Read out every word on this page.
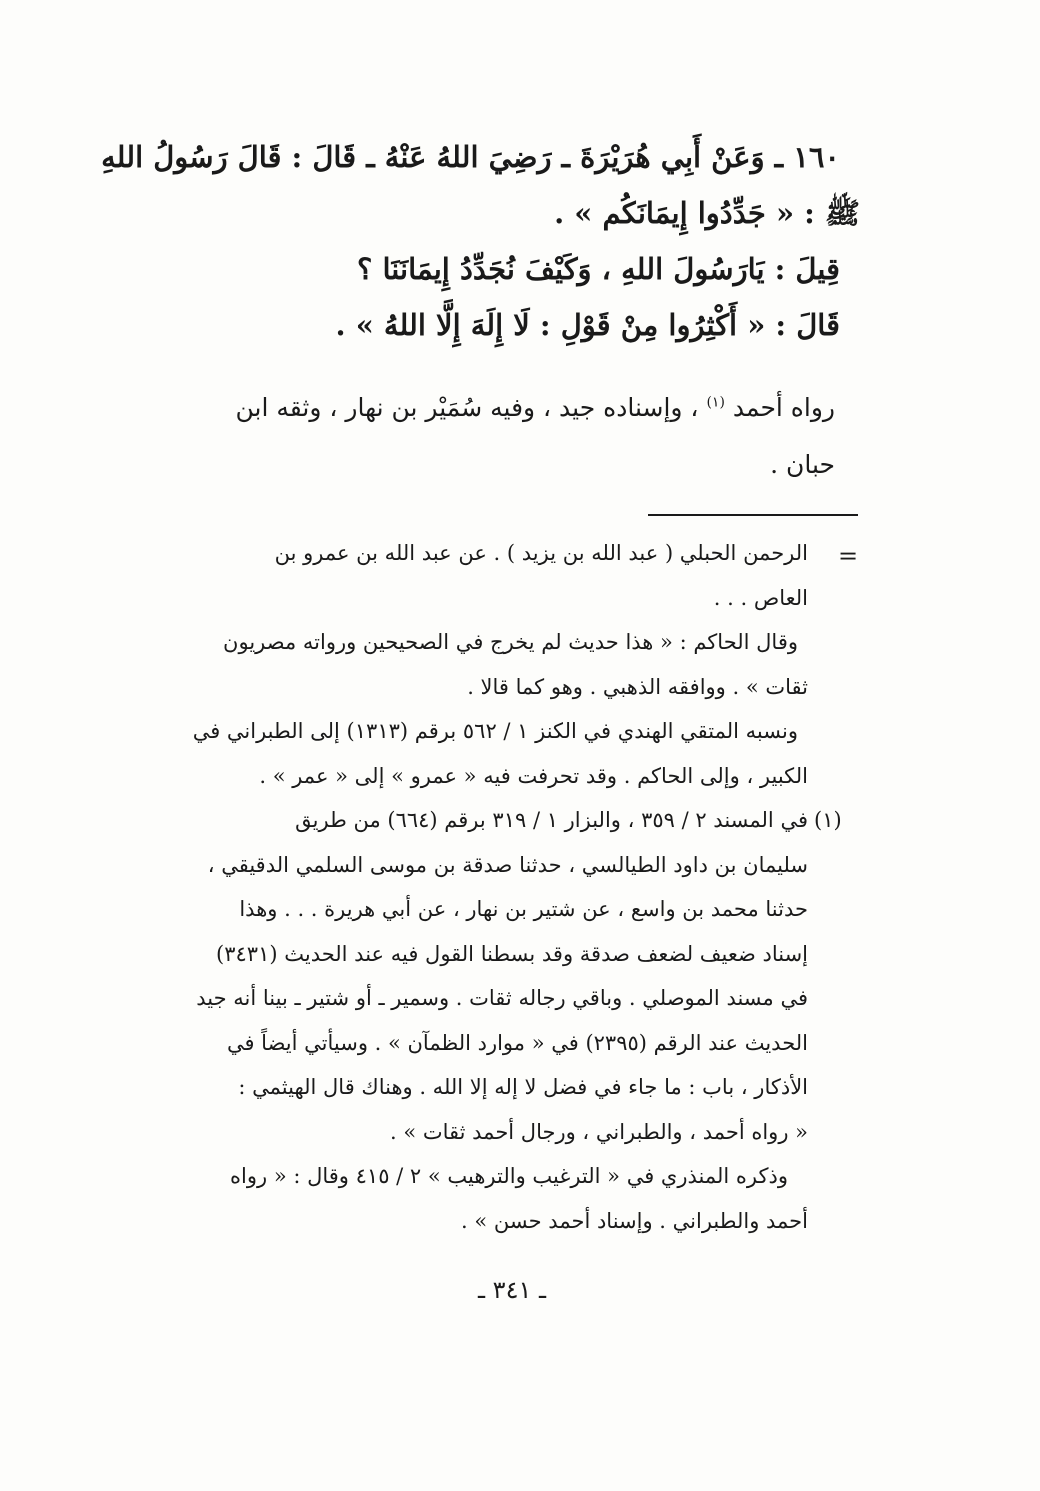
١٦٠ ـ وَعَنْ أَبِي هُرَيْرَةَ ـ رَضِيَ اللهُ عَنْهُ ـ قَالَ : قَالَ رَسُولُ اللهِ
ﷺ : « جَدِّدُوا إِيمَانَكُم » .
قِيلَ : يَارَسُولَ اللهِ ، وَكَيْفَ نُجَدِّدُ إِيمَانَنَا ؟
قَالَ : « أَكْثِرُوا مِنْ قَوْلِ : لَا إِلَهَ إِلَّا اللهُ » .
رواه أحمد $^{(١)}$ ، وإسناده جيد ، وفيه سُمَيْر بن نهار ، وثقه ابن
حبان .
=
الرحمن الحبلي ( عبد الله بن يزيد ) . عن عبد الله بن عمرو بن
العاص . . .
وقال الحاكم : « هذا حديث لم يخرج في الصحيحين ورواته مصريون
ثقات » . ووافقه الذهبي . وهو كما قالا .
ونسبه المتقي الهندي في الكنز ١ / ٥٦٢ برقم (١٣١٣) إلى الطبراني في
الكبير ، وإلى الحاكم . وقد تحرفت فيه « عمرو » إلى « عمر » .
(١)
في المسند ٢ / ٣٥٩ ، والبزار ١ / ٣١٩ برقم (٦٦٤) من طريق
سليمان بن داود الطيالسي ، حدثنا صدقة بن موسى السلمي الدقيقي ،
حدثنا محمد بن واسع ، عن شتير بن نهار ، عن أبي هريرة . . . وهذا
إسناد ضعيف لضعف صدقة وقد بسطنا القول فيه عند الحديث (٣٤٣١)
في مسند الموصلي . وباقي رجاله ثقات . وسمير ـ أو شتير ـ بينا أنه جيد
الحديث عند الرقم (٢٣٩٥) في « موارد الظمآن » . وسيأتي أيضاً في
الأذكار ، باب : ما جاء في فضل لا إله إلا الله . وهناك قال الهيثمي :
« رواه أحمد ، والطبراني ، ورجال أحمد ثقات » .
وذكره المنذري في « الترغيب والترهيب » ٢ / ٤١٥ وقال : « رواه
أحمد والطبراني . وإسناد أحمد حسن » .
ـ ٣٤١ ـ
